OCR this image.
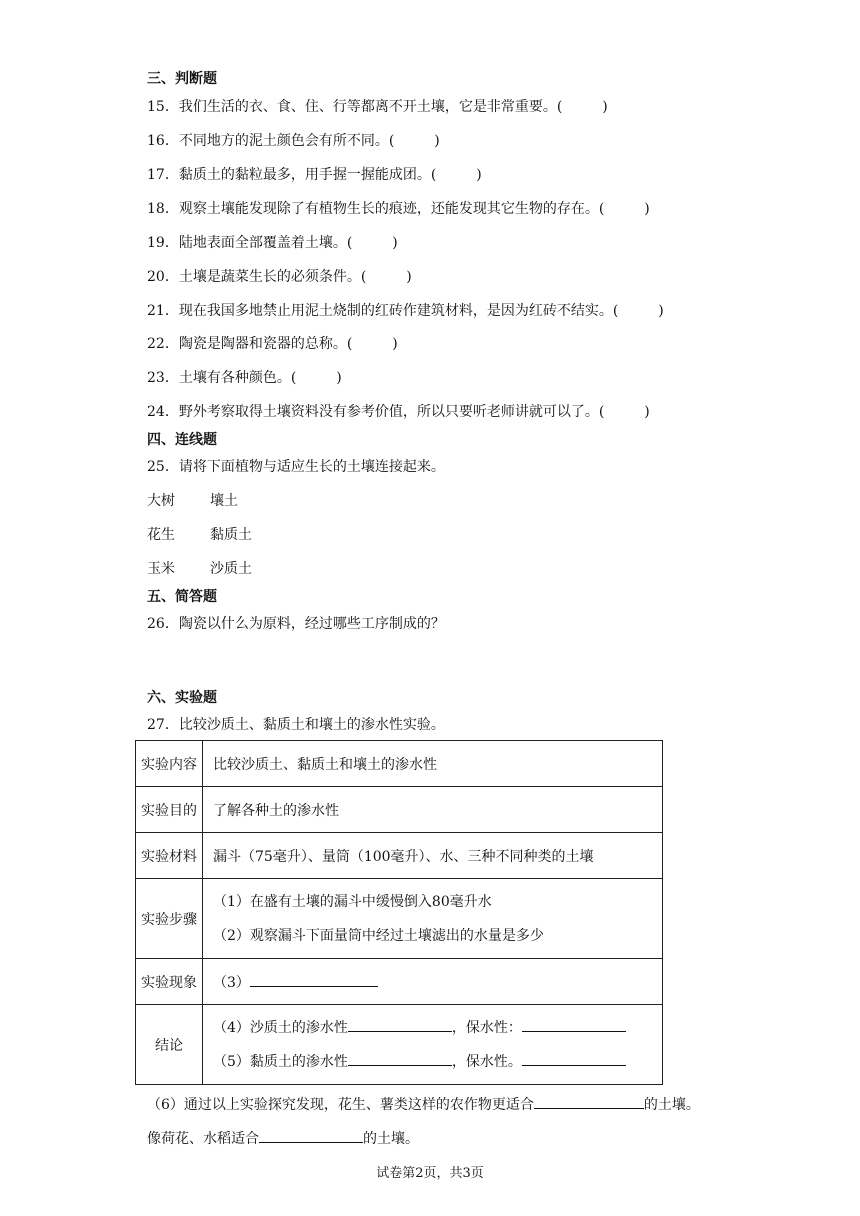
三、判断题
15．我们生活的衣、食、住、行等都离不开土壤，它是非常重要。(	)
16．不同地方的泥土颜色会有所不同。(	)
17．黏质土的黏粒最多，用手握一握能成团。(	)
18．观察土壤能发现除了有植物生长的痕迹，还能发现其它生物的存在。(	)
19．陆地表面全部覆盖着土壤。(	)
20．土壤是蔬菜生长的必须条件。(	)
21．现在我国多地禁止用泥土烧制的红砖作建筑材料，是因为红砖不结实。(	)
22．陶瓷是陶器和瓷器的总称。(	)
23．土壤有各种颜色。(	)
24．野外考察取得土壤资料没有参考价值，所以只要听老师讲就可以了。(	)
四、连线题
25．请将下面植物与适应生长的土壤连接起来。
大树	壤土
花生	黏质土
玉米	沙质土
五、简答题
26．陶瓷以什么为原料，经过哪些工序制成的？
六、实验题
27．比较沙质土、黏质土和壤土的渗水性实验。
实验内容	比较沙质土、黏质土和壤土的渗水性
实验目的	了解各种土的渗水性
实验材料	漏斗（75毫升）、量筒（100毫升）、水、三种不同种类的土壤
实验步骤	（1）在盛有土壤的漏斗中缓慢倒入80毫升水
（2）观察漏斗下面量筒中经过土壤滤出的水量是多少

实验现象	（3）
结论	（4）沙质土的渗水性 ，保水性：
（5）黏质土的渗水性 ，保水性。
（6）通过以上实验探究发现，花生、薯类这样的农作物更适合	的土壤。
像荷花、水稻适合	的土壤。
试卷第2页，共3页
